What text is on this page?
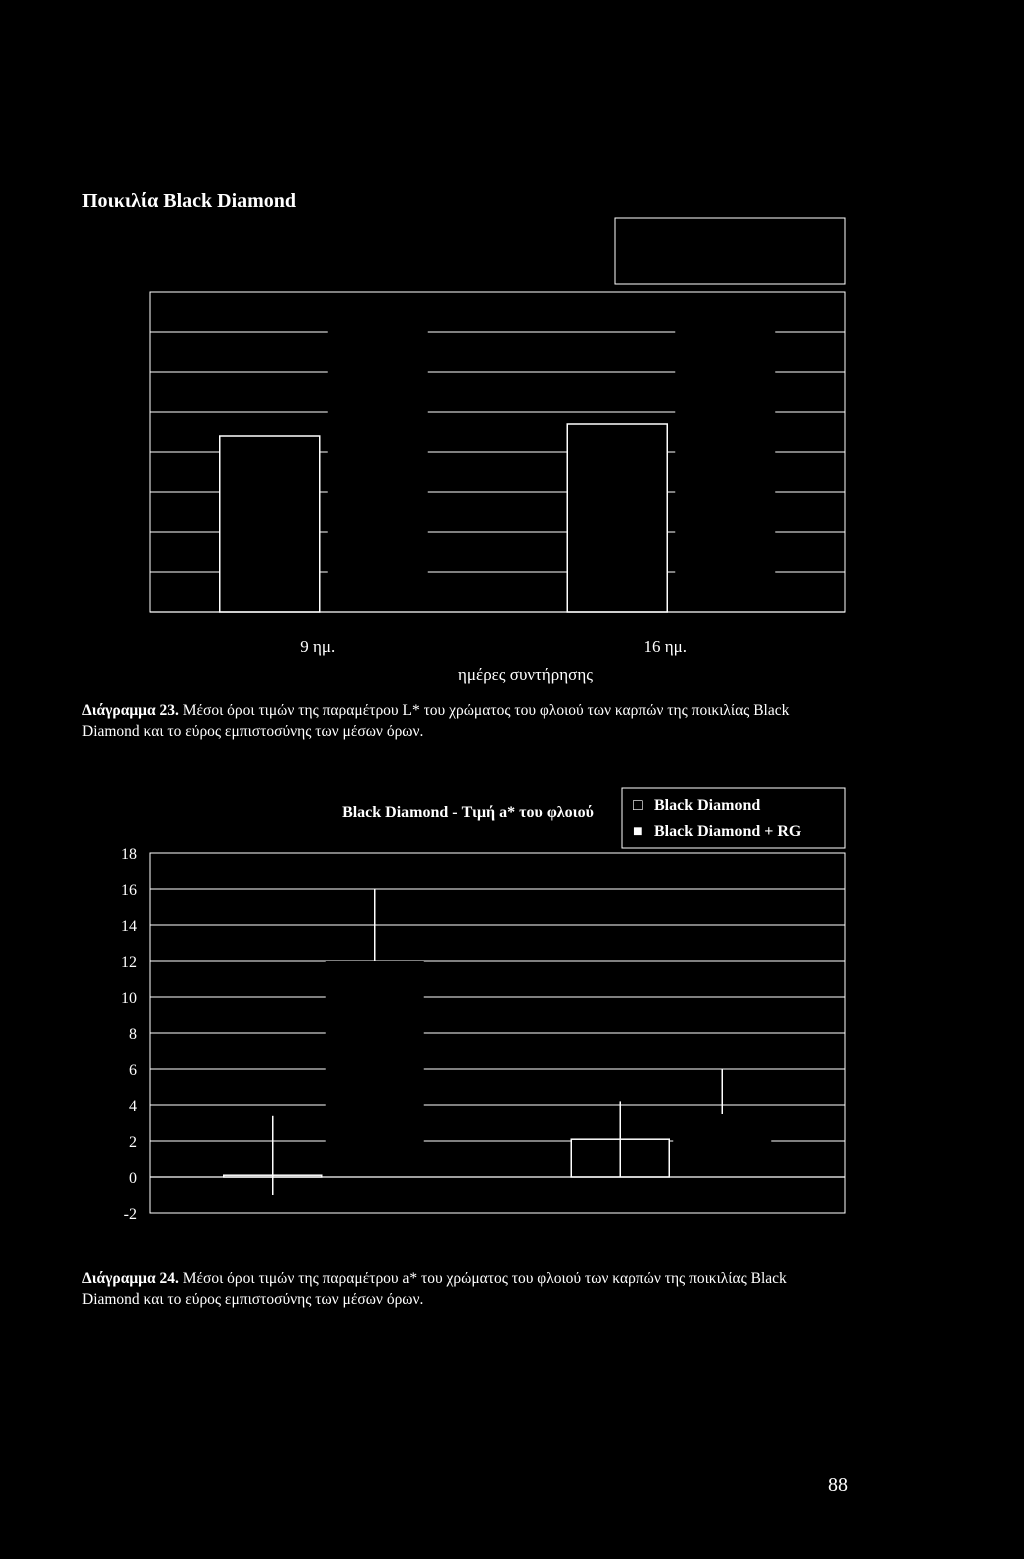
Ποικιλία Black Diamond
9 ημ.	16 ημ.
ημέρες συντήρησης
Διάγραμμα 23. Μέσοι όροι τιμών της παραμέτρου L* του χρώματος του φλοιού των καρπών της ποικιλίας Black Diamond και το εύρος εμπιστοσύνης των μέσων όρων.
18
16
14
12
10
8
6
4
2
0
-2
Black Diamond - Τιμή a* του φλοιού □ Black Diamond
■ Black Diamond + RG
Διάγραμμα 24. Μέσοι όροι τιμών της παραμέτρου a* του χρώματος του φλοιού των καρπών της ποικιλίας Black Diamond και το εύρος εμπιστοσύνης των μέσων όρων.
88
